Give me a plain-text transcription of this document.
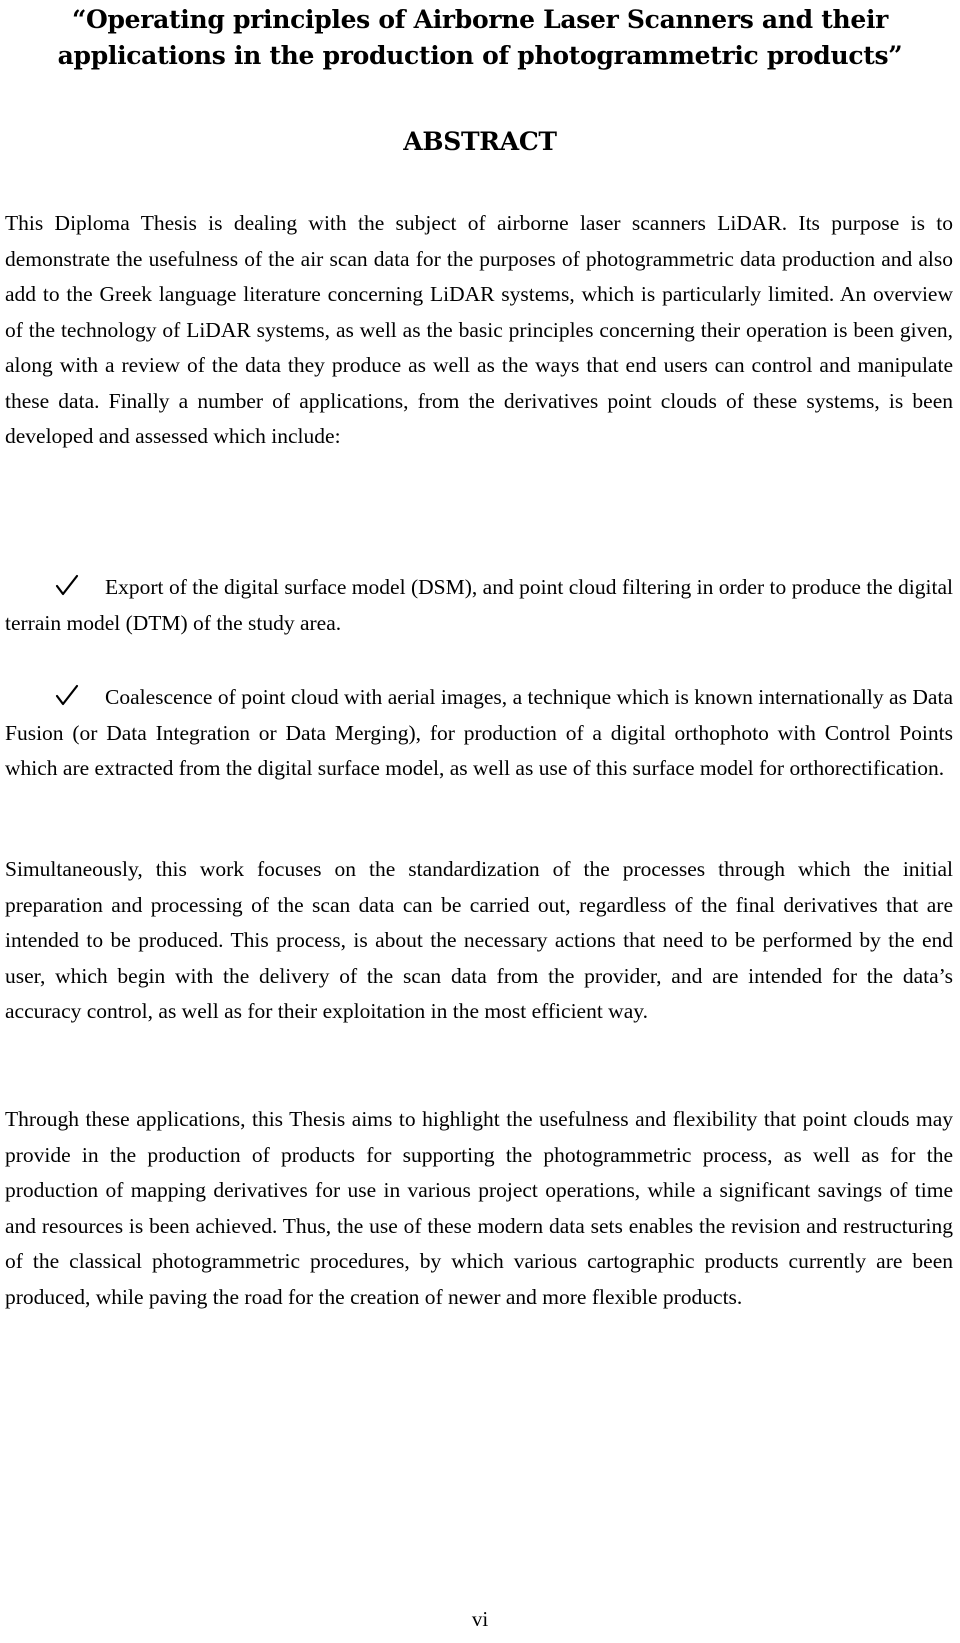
“Operating principles of Airborne Laser Scanners and their applications in the production of photogrammetric products”
ABSTRACT

This Diploma Thesis is dealing with the subject of airborne laser scanners LiDAR. Its purpose is to demonstrate the usefulness of the air scan data for the purposes of photogrammetric data production and also add to the Greek language literature concerning LiDAR systems, which is particularly limited. An overview of the technology of LiDAR systems, as well as the basic principles concerning their operation is been given, along with a review of the data they produce as well as the ways that end users can control and manipulate these data. Finally a number of applications, from the derivatives point clouds of these systems, is been developed and assessed which include:

Export of the digital surface model (DSM), and point cloud filtering in order to produce the digital terrain model (DTM) of the study area.

Coalescence of point cloud with aerial images, a technique which is known internationally as Data Fusion (or Data Integration or Data Merging), for production of a digital orthophoto with Control Points which are extracted from the digital surface model, as well as use of this surface model for orthorectification.

Simultaneously, this work focuses on the standardization of the processes through which the initial preparation and processing of the scan data can be carried out, regardless of the final derivatives that are intended to be produced. This process, is about the necessary actions that need to be performed by the end user, which begin with the delivery of the scan data from the provider, and are intended for the data’s accuracy control, as well as for their exploitation in the most efficient way.

Through these applications, this Thesis aims to highlight the usefulness and flexibility that point clouds may provide in the production of products for supporting the photogrammetric process, as well as for the production of mapping derivatives for use in various project operations, while a significant savings of time and resources is been achieved. Thus, the use of these modern data sets enables the revision and restructuring of the classical photogrammetric procedures, by which various cartographic products currently are been produced, while paving the road for the creation of newer and more flexible products.

vi
